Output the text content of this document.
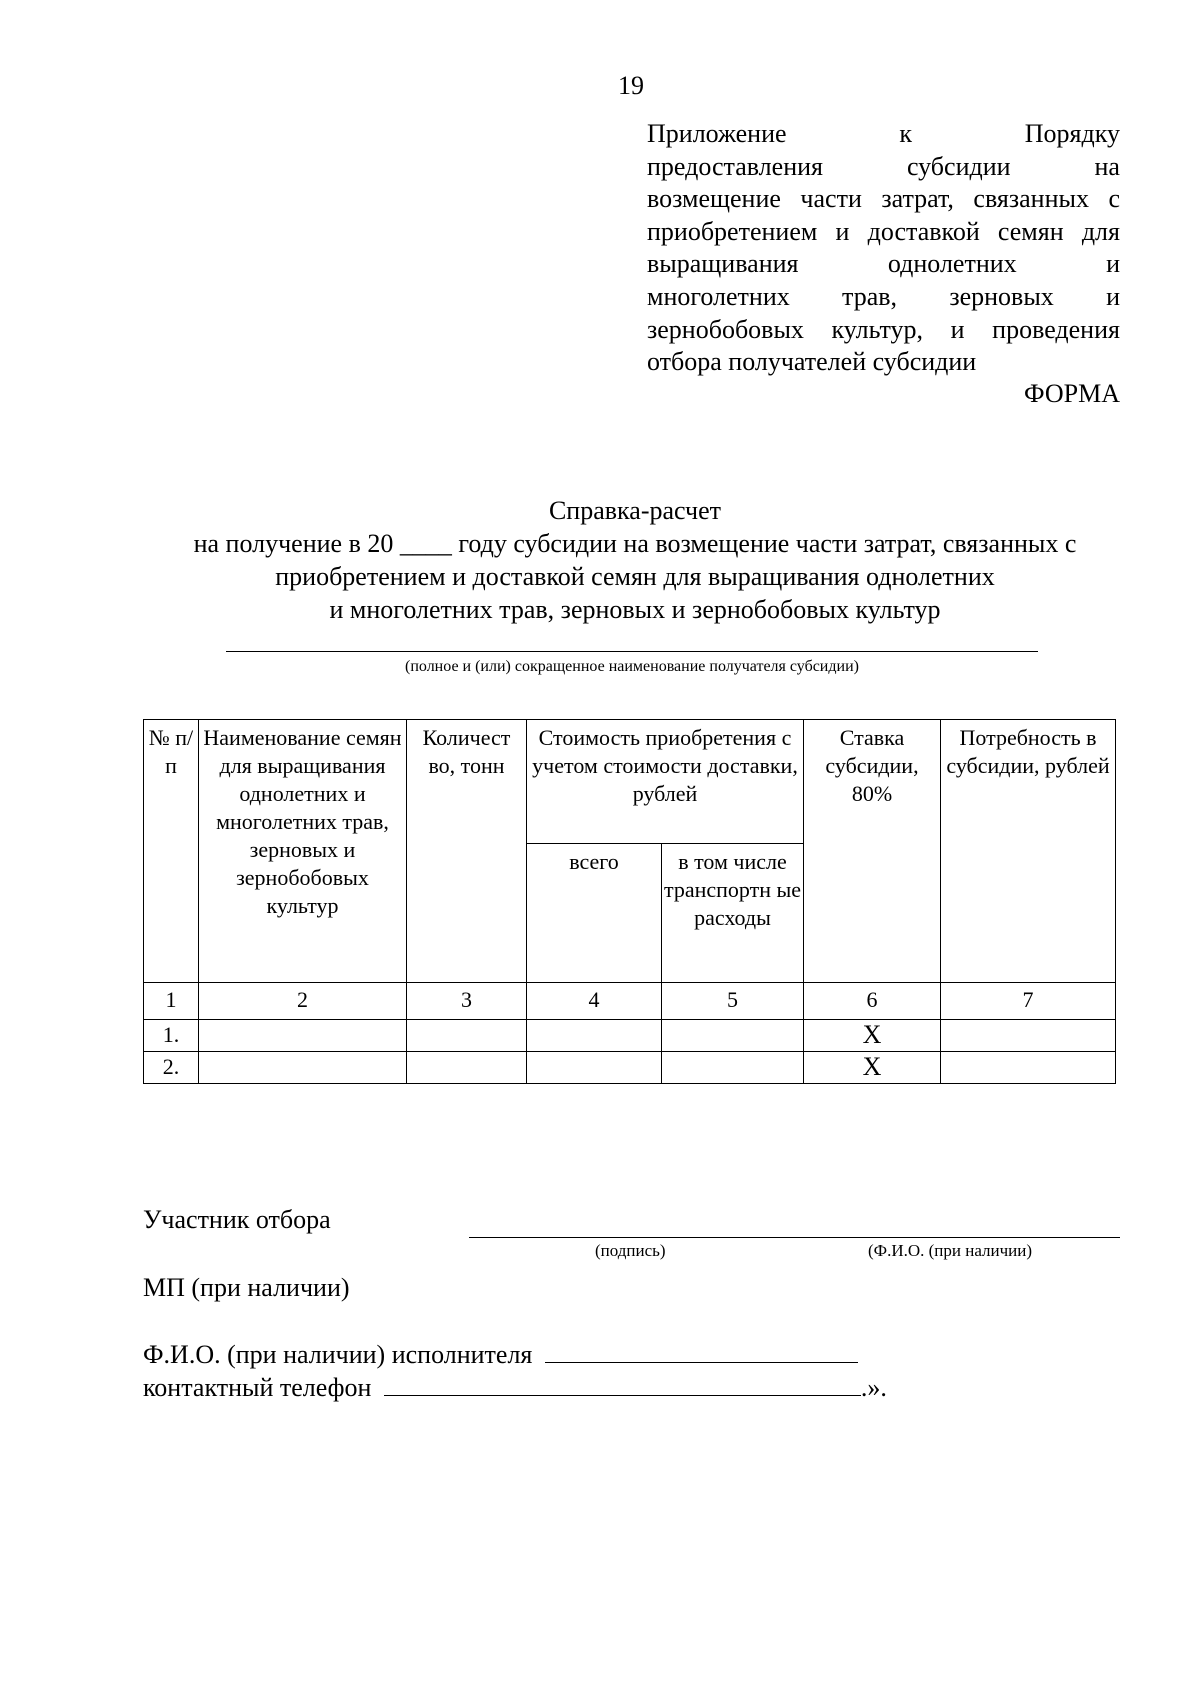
19
Приложение	к	Порядку
предоставления	субсидии	на
возмещение части затрат, связанных с
приобретением и доставкой семян для
выращивания	однолетних	и
многолетних трав, зерновых и
зернобобовых культур, и проведения
отбора получателей субсидии
ФОРМА
Справка-расчет
на получение в 20 ____ году субсидии на возмещение части затрат, связанных с
приобретением и доставкой семян для выращивания однолетних
и многолетних трав, зерновых и зернобобовых культур
(полное и (или) сокращенное наименование получателя субсидии)
№ п/п	Наименование семян для выращивания однолетних и многолетних трав, зерновых и зернобобовых культур	Количест во, тонн	Стоимость приобретения с учетом стоимости доставки, рублей		Ставка субсидии, 80%	Потребность в субсидии, рублей
			всего	в том числе транспортн ые расходы		
1	2	3	4	5	6	7
1.					X	
2.					X	
Участник отбора
(подпись)	(Ф.И.О. (при наличии)
МП (при наличии)
Ф.И.О. (при наличии) исполнителя
контактный телефон	.».
